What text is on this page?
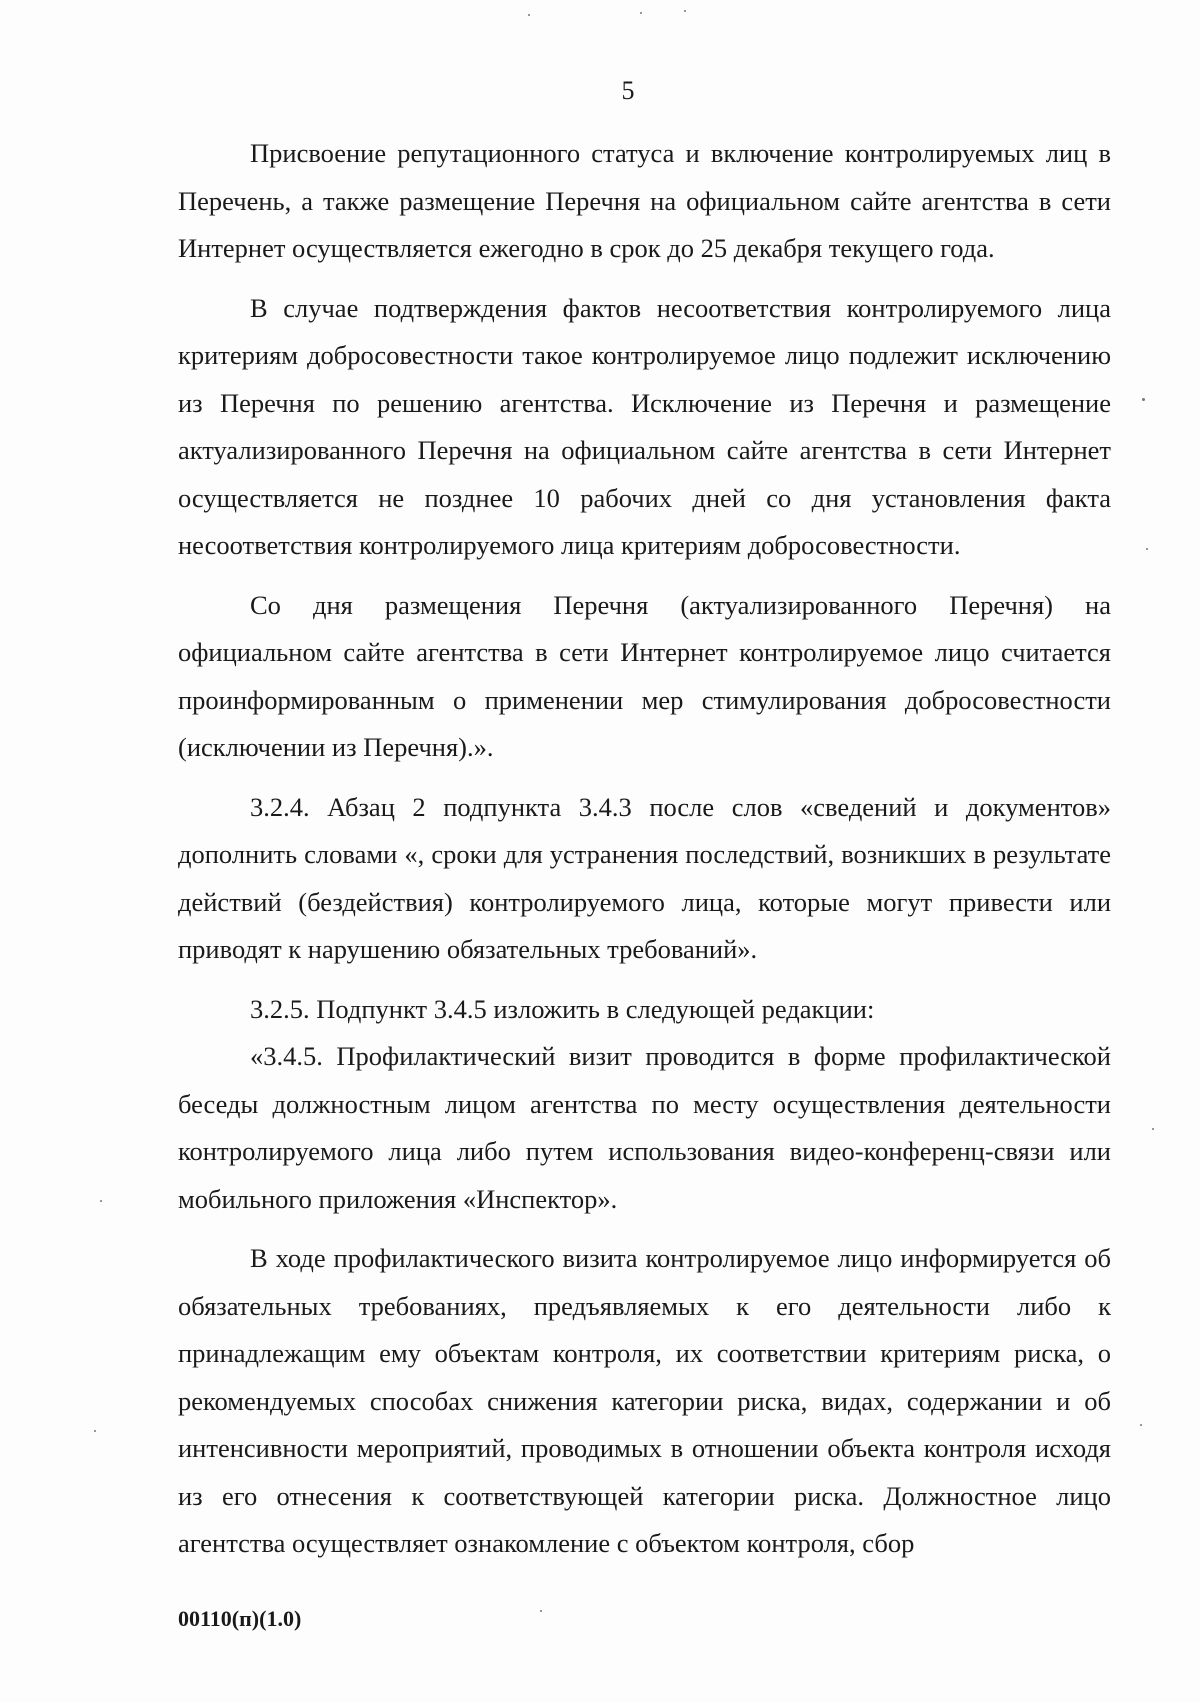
5

Присвоение репутационного статуса и включение контролируемых лиц в Перечень, а также размещение Перечня на официальном сайте агентства в сети Интернет осуществляется ежегодно в срок до 25 декабря текущего года.

В случае подтверждения фактов несоответствия контролируемого лица критериям добросовестности такое контролируемое лицо подлежит исключению из Перечня по решению агентства. Исключение из Перечня и размещение актуализированного Перечня на официальном сайте агентства в сети Интернет осуществляется не позднее 10 рабочих дней со дня установления факта несоответствия контролируемого лица критериям добросовестности.

Со дня размещения Перечня (актуализированного Перечня) на официальном сайте агентства в сети Интернет контролируемое лицо считается проинформированным о применении мер стимулирования добросовестности (исключении из Перечня).».

3.2.4. Абзац 2 подпункта 3.4.3 после слов «сведений и документов» дополнить словами «, сроки для устранения последствий, возникших в результате действий (бездействия) контролируемого лица, которые могут привести или приводят к нарушению обязательных требований».

3.2.5. Подпункт 3.4.5 изложить в следующей редакции:

«3.4.5. Профилактический визит проводится в форме профилактической беседы должностным лицом агентства по месту осуществления деятельности контролируемого лица либо путем использования видео-конференц-связи или мобильного приложения «Инспектор».

В ходе профилактического визита контролируемое лицо информируется об обязательных требованиях, предъявляемых к его деятельности либо к принадлежащим ему объектам контроля, их соответствии критериям риска, о рекомендуемых способах снижения категории риска, видах, содержании и об интенсивности мероприятий, проводимых в отношении объекта контроля исходя из его отнесения к соответствующей категории риска. Должностное лицо агентства осуществляет ознакомление с объектом контроля, сбор

00110(п)(1.0)
